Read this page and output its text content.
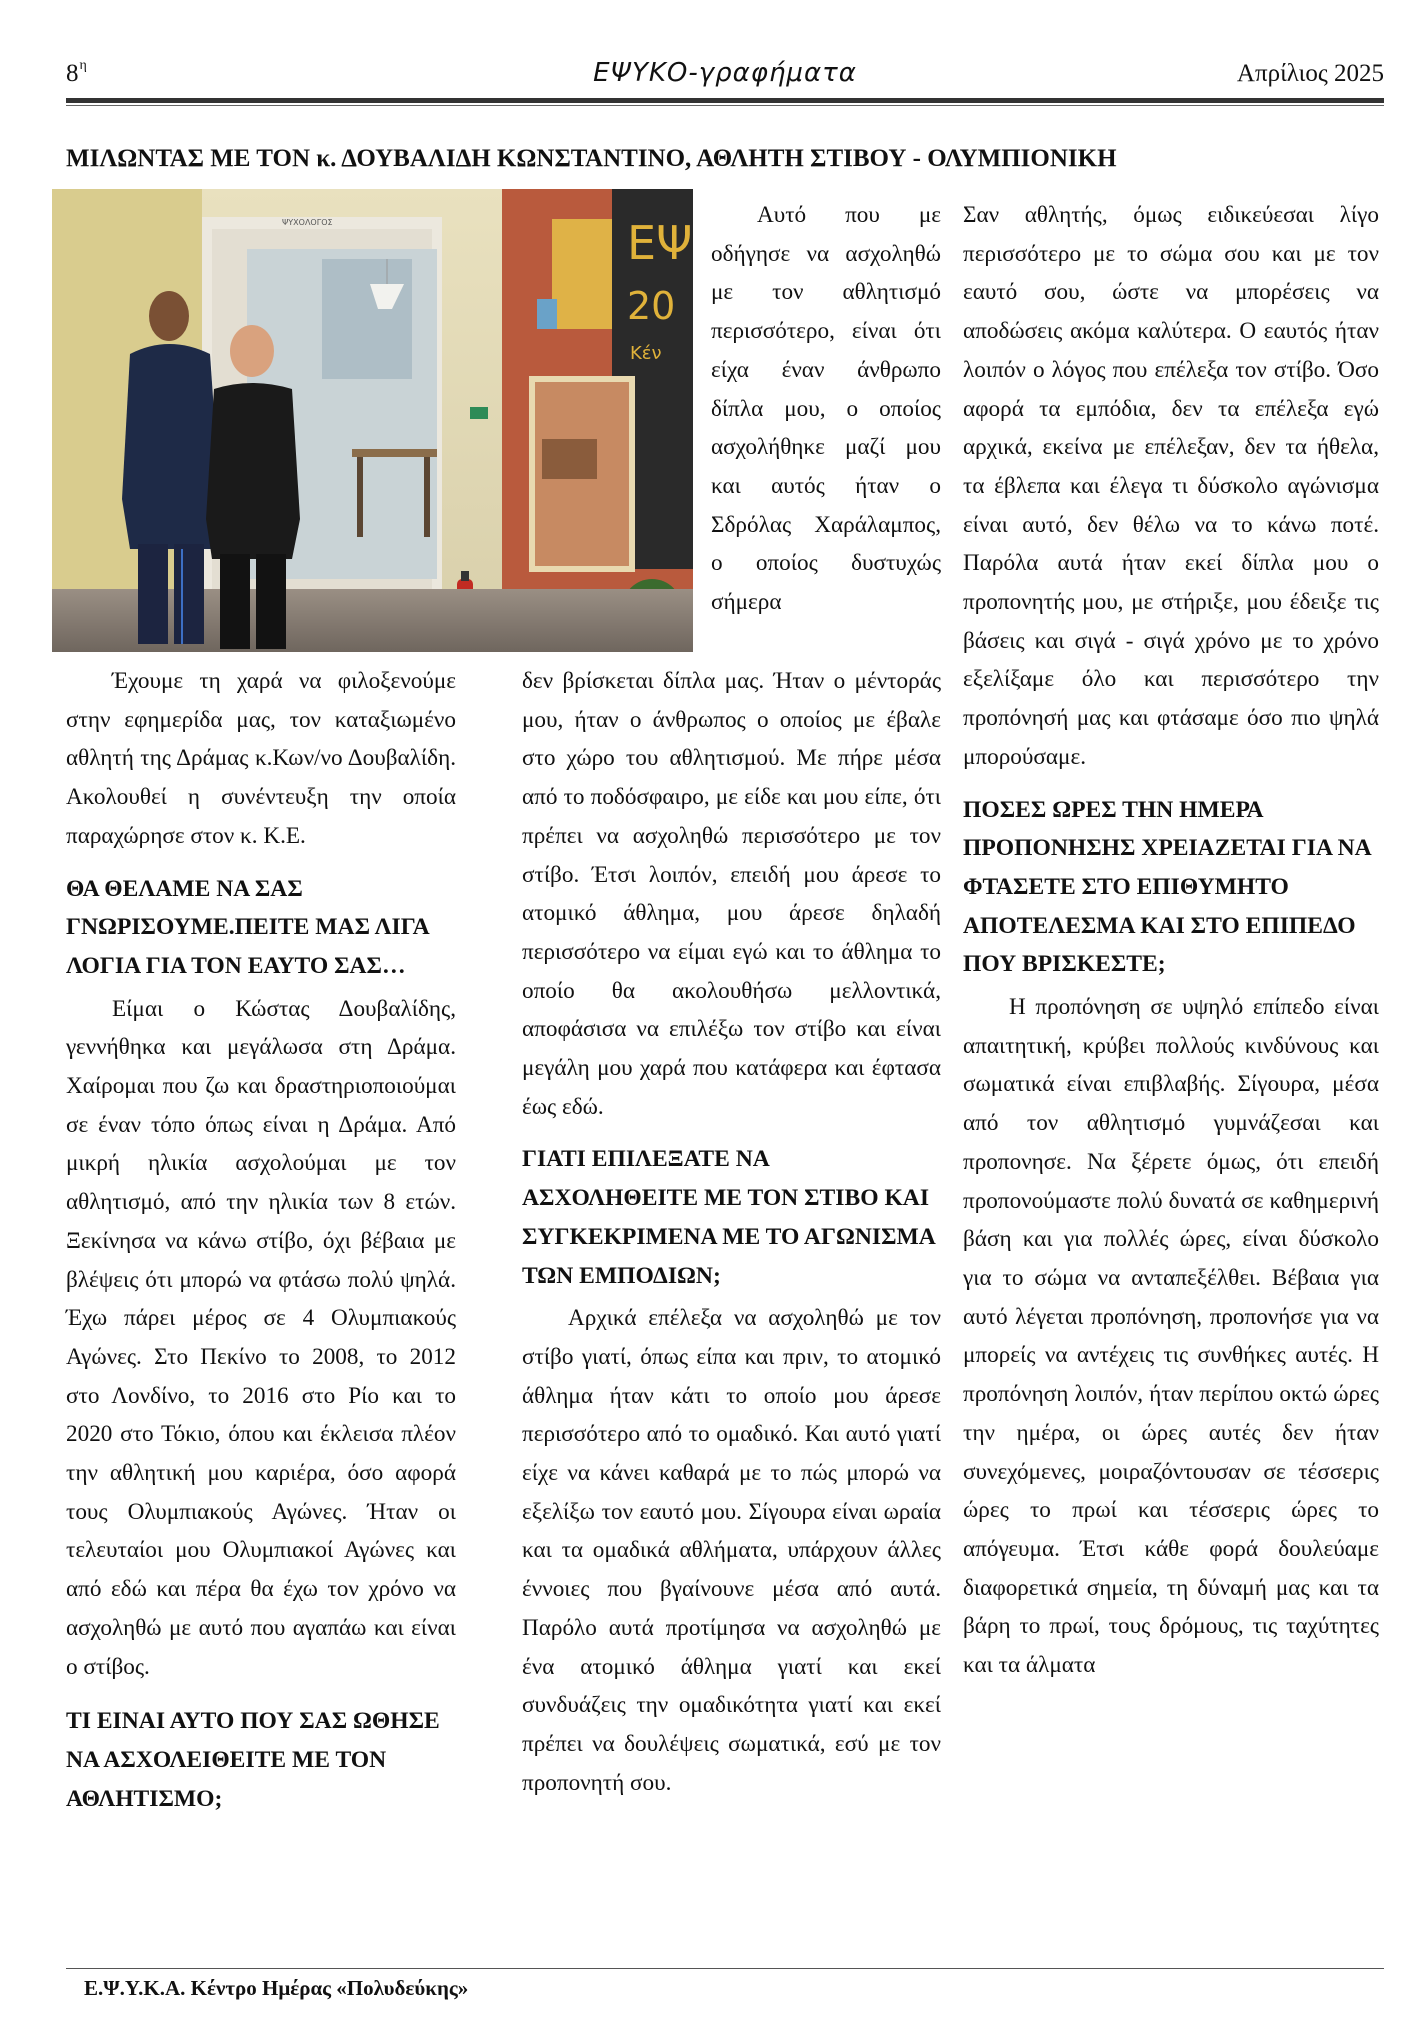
$8^\eta$	ΕΨΥΚΟ-γραφήματα	Απρίλιος 2025
ΜΙΛΩΝΤΑΣ ΜΕ ΤΟΝ κ. ΔΟΥΒΑΛΙΔΗ ΚΩΝΣΤΑΝΤΙΝΟ, ΑΘΛΗΤΗ ΣΤΙΒΟΥ - ΟΛΥΜΠΙΟΝΙΚΗ
ΨΥΧΟΛΟΓΟΣ	ΕΨ
20
Κέν

Έχουμε τη χαρά να φιλοξενούμε στην εφημερίδα μας, τον καταξιωμένο αθλητή της Δράμας κ.Κων/νο Δουβαλίδη. Ακολουθεί η συνέντευξη την οποία παραχώρησε στον κ. Κ.Ε.

ΘΑ ΘΕΛΑΜΕ ΝΑ ΣΑΣ ΓΝΩΡΙΣΟΥΜΕ.ΠΕΙΤΕ ΜΑΣ ΛΙΓΑ ΛΟΓΙΑ ΓΙΑ ΤΟΝ ΕΑΥΤΟ ΣΑΣ…

Είμαι ο Κώστας Δουβαλίδης, γεννήθηκα και μεγάλωσα στη Δράμα. Χαίρομαι που ζω και δραστηριοποιούμαι σε έναν τόπο όπως είναι η Δράμα. Από μικρή ηλικία ασχολούμαι με τον αθλητισμό, από την ηλικία των 8 ετών. Ξεκίνησα να κάνω στίβο, όχι βέβαια με βλέψεις ότι μπορώ να φτάσω πολύ ψηλά. Έχω πάρει μέρος σε 4 Ολυμπιακούς Αγώνες. Στο Πεκίνο το 2008, το 2012 στο Λονδίνο, το 2016 στο Ρίο και το 2020 στο Τόκιο, όπου και έκλεισα πλέον την αθλητική μου καριέρα, όσο αφορά τους Ολυμπιακούς Αγώνες. Ήταν οι τελευταίοι μου Ολυμπιακοί Αγώνες και από εδώ και πέρα θα έχω τον χρόνο να ασχοληθώ με αυτό που αγαπάω και είναι ο στίβος.

ΤΙ ΕΙΝΑΙ ΑΥΤΟ ΠΟΥ ΣΑΣ ΩΘΗΣΕ ΝΑ ΑΣΧΟΛΕΙΘΕΙΤΕ ΜΕ ΤΟΝ ΑΘΛΗΤΙΣΜΟ;

Αυτό που με οδήγησε να ασχοληθώ με τον αθλητισμό περισσότερο, είναι ότι είχα έναν άνθρωπο δίπλα μου, ο οποίος ασχολήθηκε μαζί μου και αυτός ήταν ο Σδρόλας Χαράλαμπος, ο οποίος δυστυχώς σήμερα

δεν βρίσκεται δίπλα μας. Ήταν ο μέντοράς μου, ήταν ο άνθρωπος ο οποίος με έβαλε στο χώρο του αθλητισμού. Με πήρε μέσα από το ποδόσφαιρο, με είδε και μου είπε, ότι πρέπει να ασχοληθώ περισσότερο με τον στίβο. Έτσι λοιπόν, επειδή μου άρεσε το ατομικό άθλημα, μου άρεσε δηλαδή περισσότερο να είμαι εγώ και το άθλημα το οποίο θα ακολουθήσω μελλοντικά, αποφάσισα να επιλέξω τον στίβο και είναι μεγάλη μου χαρά που κατάφερα και έφτασα έως εδώ.

ΓΙΑΤΙ ΕΠΙΛΕΞΑΤΕ ΝΑ ΑΣΧΟΛΗΘΕΙΤΕ ΜΕ ΤΟΝ ΣΤΙΒΟ ΚΑΙ ΣΥΓΚΕΚΡΙΜΕΝΑ ΜΕ ΤΟ ΑΓΩΝΙΣΜΑ ΤΩΝ ΕΜΠΟΔΙΩΝ;

Αρχικά επέλεξα να ασχοληθώ με τον στίβο γιατί, όπως είπα και πριν, το ατομικό άθλημα ήταν κάτι το οποίο μου άρεσε περισσότερο από το ομαδικό. Και αυτό γιατί είχε να κάνει καθαρά με το πώς μπορώ να εξελίξω τον εαυτό μου. Σίγουρα είναι ωραία και τα ομαδικά αθλήματα, υπάρχουν άλλες έννοιες που βγαίνουνε μέσα από αυτά. Παρόλο αυτά προτίμησα να ασχοληθώ με ένα ατομικό άθλημα γιατί και εκεί συνδυάζεις την ομαδικότητα γιατί και εκεί πρέπει να δουλέψεις σωματικά, εσύ με τον προπονητή σου.

Σαν αθλητής, όμως ειδικεύεσαι λίγο περισσότερο με το σώμα σου και με τον εαυτό σου, ώστε να μπορέσεις να αποδώσεις ακόμα καλύτερα. Ο εαυτός ήταν λοιπόν ο λόγος που επέλεξα τον στίβο. Όσο αφορά τα εμπόδια, δεν τα επέλεξα εγώ αρχικά, εκείνα με επέλεξαν, δεν τα ήθελα, τα έβλεπα και έλεγα τι δύσκολο αγώνισμα είναι αυτό, δεν θέλω να το κάνω ποτέ. Παρόλα αυτά ήταν εκεί δίπλα μου ο προπονητής μου, με στήριξε, μου έδειξε τις βάσεις και σιγά - σιγά χρόνο με το χρόνο εξελίξαμε όλο και περισσότερο την προπόνησή μας και φτάσαμε όσο πιο ψηλά μπορούσαμε.

ΠΟΣΕΣ ΩΡΕΣ ΤΗΝ ΗΜΕΡΑ ΠΡΟΠΟΝΗΣΗΣ ΧΡΕΙΑΖΕΤΑΙ ΓΙΑ ΝΑ ΦΤΑΣΕΤΕ ΣΤΟ ΕΠΙΘΥΜΗΤΟ ΑΠΟΤΕΛΕΣΜΑ ΚΑΙ ΣΤΟ ΕΠΙΠΕΔΟ ΠΟΥ ΒΡΙΣΚΕΣΤΕ;

Η προπόνηση σε υψηλό επίπεδο είναι απαιτητική, κρύβει πολλούς κινδύνους και σωματικά είναι επιβλαβής. Σίγουρα, μέσα από τον αθλητισμό γυμνάζεσαι και προπονησε. Να ξέρετε όμως, ότι επειδή προπονούμαστε πολύ δυνατά σε καθημερινή βάση και για πολλές ώρες, είναι δύσκολο για το σώμα να ανταπεξέλθει. Βέβαια για αυτό λέγεται προπόνηση, προπονήσε για να μπορείς να αντέχεις τις συνθήκες αυτές. Η προπόνηση λοιπόν, ήταν περίπου οκτώ ώρες την ημέρα, οι ώρες αυτές δεν ήταν συνεχόμενες, μοιραζόντουσαν σε τέσσερις ώρες το πρωί και τέσσερις ώρες το απόγευμα. Έτσι κάθε φορά δουλεύαμε διαφορετικά σημεία, τη δύναμή μας και τα βάρη το πρωί, τους δρόμους, τις ταχύτητες και τα άλματα

Ε.Ψ.Υ.Κ.Α. Κέντρο Ημέρας «Πολυδεύκης»
